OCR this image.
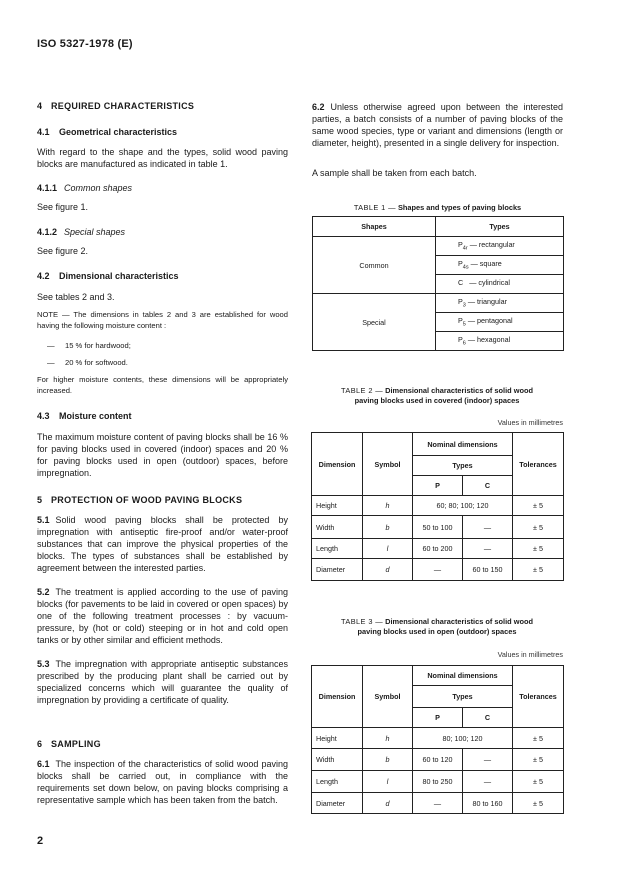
ISO 5327-1978 (E)
4 REQUIRED CHARACTERISTICS
4.1 Geometrical characteristics
With regard to the shape and the types, solid wood paving blocks are manufactured as indicated in table 1.
4.1.1 Common shapes
See figure 1.
4.1.2 Special shapes
See figure 2.
4.2 Dimensional characteristics
See tables 2 and 3.
NOTE — The dimensions in tables 2 and 3 are established for wood having the following moisture content :
— 15 % for hardwood;
— 20 % for softwood.
For higher moisture contents, these dimensions will be appropriately increased.
4.3 Moisture content
The maximum moisture content of paving blocks shall be 16 % for paving blocks used in covered (indoor) spaces and 20 % for paving blocks used in open (outdoor) spaces, before impregnation.
5 PROTECTION OF WOOD PAVING BLOCKS
5.1 Solid wood paving blocks shall be protected by impregnation with antiseptic fire-proof and/or water-proof substances that can improve the physical properties of the blocks. The types of substances shall be established by agreement between the interested parties.
5.2 The treatment is applied according to the use of paving blocks (for pavements to be laid in covered or open spaces) by one of the following treatment processes : by vacuum-pressure, by (hot or cold) steeping or in hot and cold open tanks or by other similar and efficient methods.
5.3 The impregnation with appropriate antiseptic substances prescribed by the producing plant shall be carried out by specialized concerns which will guarantee the quality of impregnation by providing a certificate of quality.
6 SAMPLING
6.1 The inspection of the characteristics of solid wood paving blocks shall be carried out, in compliance with the requirements set down below, on paving blocks comprising a representative sample which has been taken from the batch.
2
6.2 Unless otherwise agreed upon between the interested parties, a batch consists of a number of paving blocks of the same wood species, type or variant and dimensions (length or diameter, height), presented in a single delivery for inspection.
A sample shall be taken from each batch.
TABLE 1 — Shapes and types of paving blocks
Shapes	Types
Common	$P_{4r}$ — rectangular
	$P_{4s}$ — square
	C   — cylindrical
Special	$P_3$ — triangular
	$P_5$ — pentagonal
	$P_6$ — hexagonal
TABLE 2 — Dimensional characteristics of solid wood
paving blocks used in covered (indoor) spaces
Values in millimetres
Dimension	Symbol	Nominal dimensions		Tolerances
		Types		
		P	C	
Height	h	60; 80; 100; 120		± 5
Width	b	50 to 100	—	± 5
Length	l	60 to 200	—	± 5
Diameter	d	—	60 to 150	± 5
TABLE 3 — Dimensional characteristics of solid wood
paving blocks used in open (outdoor) spaces
Values in millimetres
Dimension	Symbol	Nominal dimensions		Tolerances
		Types		
		P	C	
Height	h	80; 100; 120		± 5
Width	b	60 to 120	—	± 5
Length	l	80 to 250	—	± 5
Diameter	d	—	80 to 160	± 5
